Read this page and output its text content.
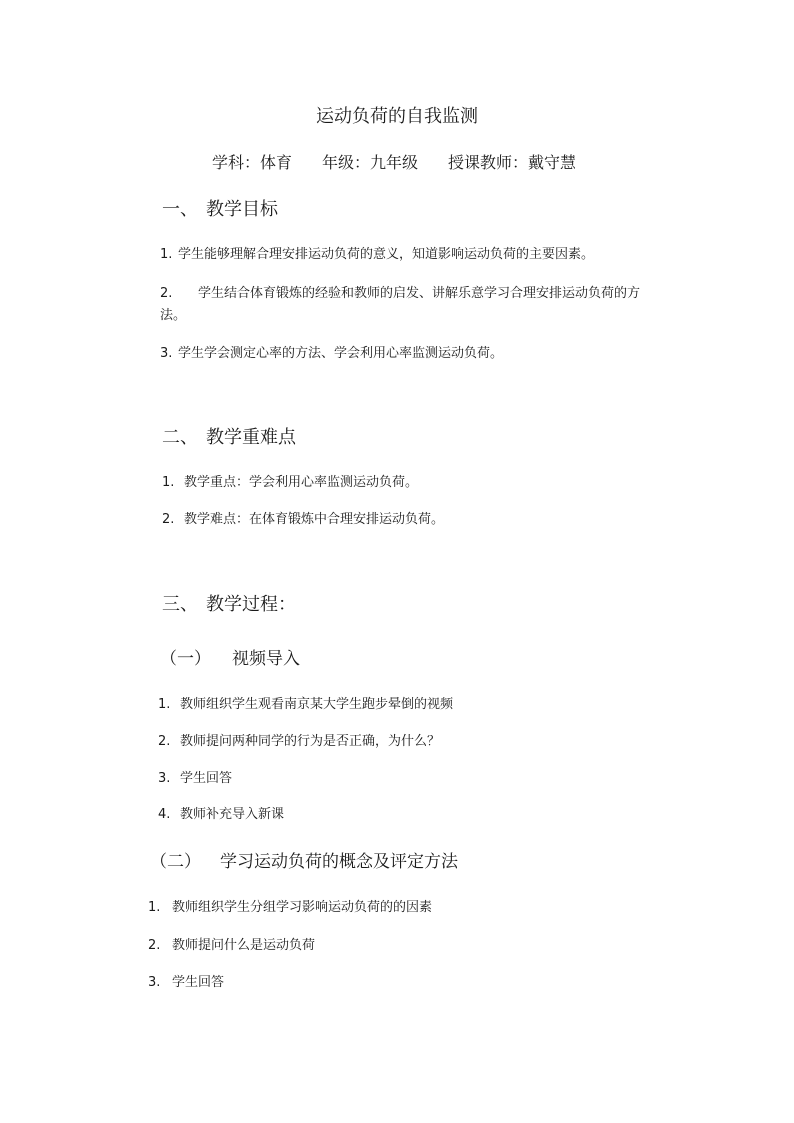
运动负荷的自我监测
学科：体育 年级：九年级 授课教师：戴守慧
一、 教学目标
1. 学生能够理解合理安排运动负荷的意义，知道影响运动负荷的主要因素。
2. 学生结合体育锻炼的经验和教师的启发、讲解乐意学习合理安排运动负荷的方
法。
3. 学生学会测定心率的方法、学会利用心率监测运动负荷。
二、 教学重难点
1. 教学重点：学会利用心率监测运动负荷。
2. 教学难点：在体育锻炼中合理安排运动负荷。
三、 教学过程：
（一） 视频导入
1. 教师组织学生观看南京某大学生跑步晕倒的视频
2. 教师提问两种同学的行为是否正确，为什么？
3. 学生回答
4. 教师补充导入新课
（二） 学习运动负荷的概念及评定方法
1. 教师组织学生分组学习影响运动负荷的的因素
2. 教师提问什么是运动负荷
3. 学生回答
